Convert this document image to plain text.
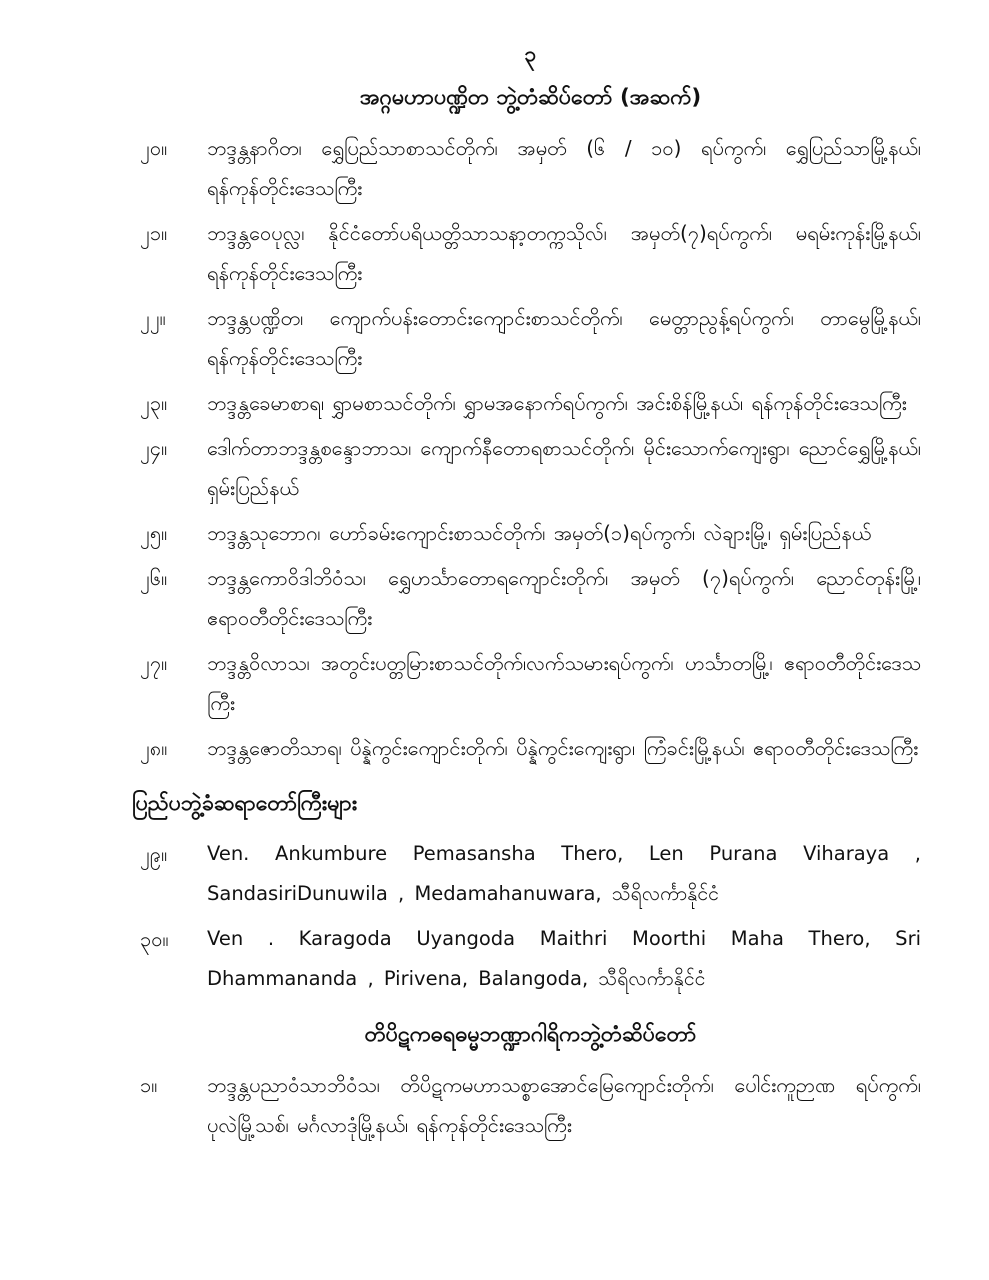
၃
အဂ္ဂမဟာပဏ္ဍိတ ဘွဲ့တံဆိပ်တော် (အဆက်)
၂၀။	ဘဒ္ဒန္တနာဂိတ၊ ရွှေပြည်သာစာသင်တိုက်၊ အမှတ် (၆ / ၁၀) ရပ်ကွက်၊ ရွှေပြည်သာမြို့နယ်၊ ရန်ကုန်တိုင်းဒေသကြီး
၂၁။	ဘဒ္ဒန္တဝေပုလ္လ၊ နိုင်ငံတော်ပရိယတ္တိသာသနာ့တက္ကသိုလ်၊ အမှတ်(၇)ရပ်ကွက်၊ မရမ်းကုန်းမြို့နယ်၊ ရန်ကုန်တိုင်းဒေသကြီး
၂၂။	ဘဒ္ဒန္တပဏ္ဍိတ၊ ကျောက်ပန်းတောင်းကျောင်းစာသင်တိုက်၊ မေတ္တာညွန့်ရပ်ကွက်၊ တာမွေမြို့နယ်၊ ရန်ကုန်တိုင်းဒေသကြီး
၂၃။	ဘဒ္ဒန္တခေမာစာရ၊ ရွှာမစာသင်တိုက်၊ ရွှာမအနောက်ရပ်ကွက်၊ အင်းစိန်မြို့နယ်၊ ရန်ကုန်တိုင်းဒေသကြီး
၂၄။	ဒေါက်တာဘဒ္ဒန္တစန္ဒောဘာသ၊ ကျောက်နီတောရစာသင်တိုက်၊ မိုင်းသောက်ကျေးရွာ၊ ညောင်ရွှေမြို့နယ်၊ ရှမ်းပြည်နယ်
၂၅။	ဘဒ္ဒန္တသုဘောဂ၊ ဟော်ခမ်းကျောင်းစာသင်တိုက်၊ အမှတ်(၁)ရပ်ကွက်၊ လဲချားမြို့၊ ရှမ်းပြည်နယ်
၂၆။	ဘဒ္ဒန္တကောဝိဒါဘိဝံသ၊ ရွှေဟင်္သာတောရကျောင်းတိုက်၊ အမှတ် (၇)ရပ်ကွက်၊ ညောင်တုန်းမြို့၊ ဧရာဝတီတိုင်းဒေသကြီး
၂၇။	ဘဒ္ဒန္တဝိလာသ၊ အတွင်းပတ္တမြားစာသင်တိုက်၊လက်သမားရပ်ကွက်၊ ဟင်္သာတမြို့၊ ဧရာဝတီတိုင်းဒေသကြီး
၂၈။	ဘဒ္ဒန္တဇောတိသာရ၊ ပိန္နဲကွင်းကျောင်းတိုက်၊ ပိန္နဲကွင်းကျေးရွာ၊ ကြံခင်းမြို့နယ်၊ ဧရာဝတီတိုင်းဒေသကြီး
ပြည်ပဘွဲ့ခံဆရာတော်ကြီးများ
၂၉။	Ven. Ankumbure Pemasansha Thero, Len Purana Viharaya , SandasiriDunuwila , Medamahanuwara, သီရိလင်္ကာနိုင်ငံ
၃၀။	Ven . Karagoda Uyangoda Maithri Moorthi Maha Thero, Sri Dhammananda , Pirivena, Balangoda, သီရိလင်္ကာနိုင်ငံ
တိပိဋကဓရဓမ္မဘဏ္ဍာဂါရိကဘွဲ့တံဆိပ်တော်
၁။	ဘဒ္ဒန္တပညာဝံသာဘိဝံသ၊ တိပိဋကမဟာသစ္စာအောင်မြေကျောင်းတိုက်၊ ပေါင်းကူဉာဏ ရပ်ကွက်၊ ပုလဲမြို့သစ်၊ မင်္ဂလာဒုံမြို့နယ်၊ ရန်ကုန်တိုင်းဒေသကြီး
